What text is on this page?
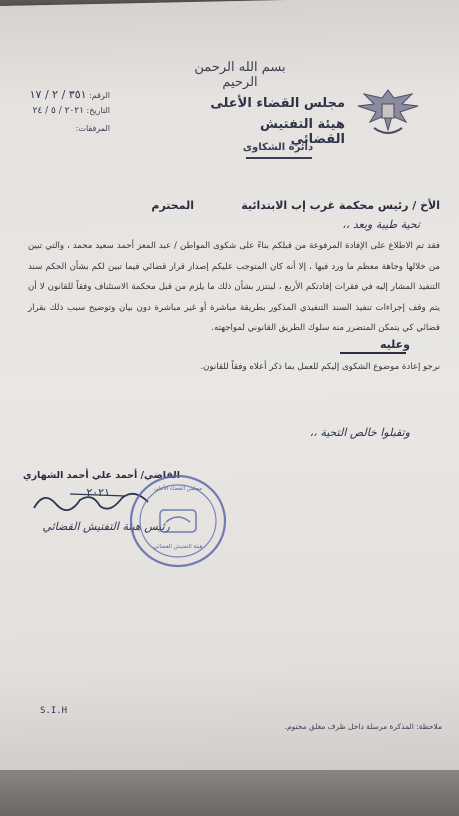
بسم الله الرحمن الرحيم
مجلس القضاء الأعلى
هيئة التفتيش القضائي
دائرة الشكاوى
الرقم: ٣٥١ / ٢ / ١٧
التاريخ: ٢٠٢١ / ٥ / ٢٤
المرفقات:
الأخ / رئيس محكمة غرب إب الابتدائية
المحترم
تحية طيبة وبعد ،،
فقد تم الاطلاع على الإفادة المرفوعة من قبلكم بناءً على شكوى المواطن / عبد المعز أحمد سعيد محمد ، والتي تبين من خلالها وجاهة معظم ما ورد فيها ، إلا أنه كان المتوجب عليكم إصدار قرار قضائي فيما تبين لكم بشأن الحكم سند التنفيذ المشار إليه في فقرات إفادتكم الأربع ، لينتزر بشأن ذلك ما يلزم من قبل محكمة الاستئناف وفقاً للقانون لا أن يتم وقف إجراءات تنفيذ السند التنفيذي المذكور بطريقة مباشرة أو غير مباشرة دون بيان وتوضيح سبب ذلك بقرار قضائي كي يتمكن المتضرر منه سلوك الطريق القانوني لمواجهته.
وعليه
نرجو إعادة موضوع الشكوى إليكم للعمل بما ذكر أعلاه وفقاً للقانون.
وتقبلوا خالص التحية ،،
القاضي/ أحمد علي أحمد الشهاري
٢٠٢١
رئيس هيئة التفتيش القضائي
مجلس القضاء الأعلى
هيئة التفتيش القضائي
S.I.H
ملاحظة: المذكرة مرسلة داخل ظرف مغلق مختوم.
